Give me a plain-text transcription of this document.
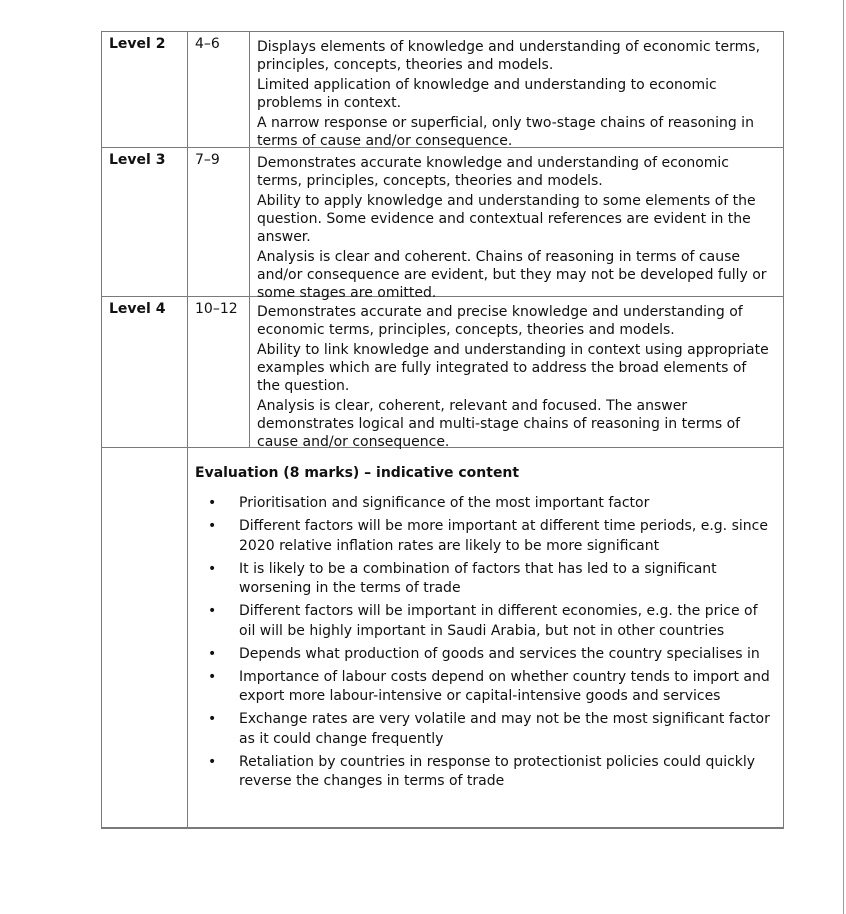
Level 2	4–6	Displays elements of knowledge and understanding of economic terms, principles, concepts, theories and models.

Limited application of knowledge and understanding to economic problems in context.

A narrow response or superficial, only two-stage chains of reasoning in terms of cause and/or consequence.

Level 3	7–9	Demonstrates accurate knowledge and understanding of economic terms, principles, concepts, theories and models.

Ability to apply knowledge and understanding to some elements of the question. Some evidence and contextual references are evident in the answer.

Analysis is clear and coherent. Chains of reasoning in terms of cause and/or consequence are evident, but they may not be developed fully or some stages are omitted.

Level 4	10–12	Demonstrates accurate and precise knowledge and understanding of economic terms, principles, concepts, theories and models.

Ability to link knowledge and understanding in context using appropriate examples which are fully integrated to address the broad elements of the question.

Analysis is clear, coherent, relevant and focused. The answer demonstrates logical and multi-stage chains of reasoning in terms of cause and/or consequence.

Evaluation (8 marks) – indicative content
• Prioritisation and significance of the most important factor
• Different factors will be more important at different time periods, e.g. since 2020 relative inflation rates are likely to be more significant
• It is likely to be a combination of factors that has led to a significant worsening in the terms of trade
• Different factors will be important in different economies, e.g. the price of oil will be highly important in Saudi Arabia, but not in other countries
• Depends what production of goods and services the country specialises in
• Importance of labour costs depend on whether country tends to import and export more labour-intensive or capital-intensive goods and services
• Exchange rates are very volatile and may not be the most significant factor as it could change frequently
• Retaliation by countries in response to protectionist policies could quickly reverse the changes in terms of trade
